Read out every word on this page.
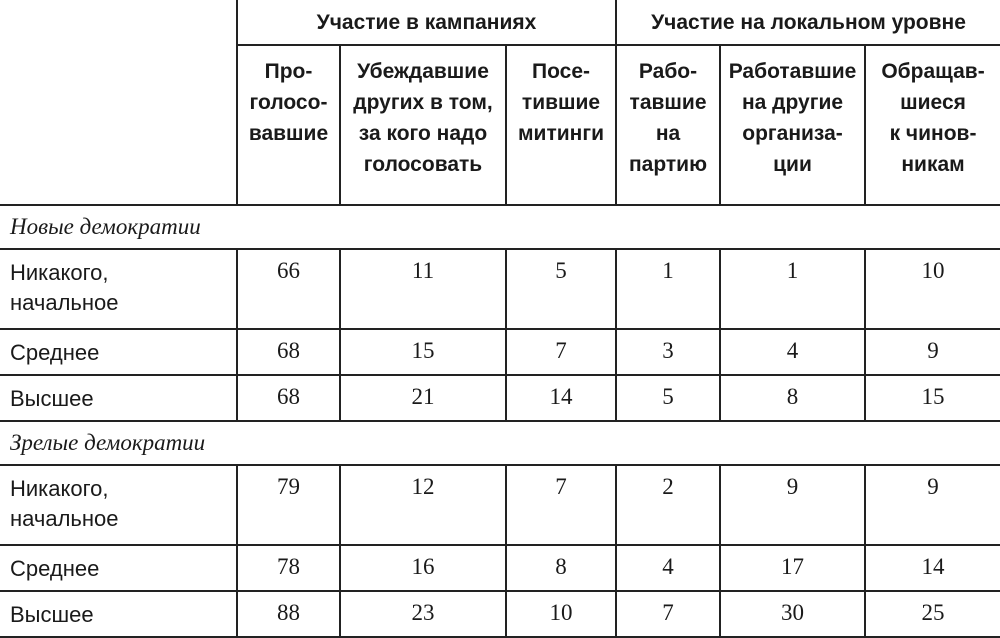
	Участие в кампаниях			Участие на локальном уровне		

	Про-
голосо-
вавшие	Убеждавшие
других в том,
за кого надо
голосовать	Посе-
тившие
митинги	Рабо-
тавшие
на
партию	Работавшие
на другие
организа-
ции	Обращав-
шиеся
к чинов-
никам

Новые демократии						

Никакого,
начальное	66	11	5	1	1	10

Среднее	68	15	7	3	4	9

Высшее	68	21	14	5	8	15
Зрелые демократии						

Никакого,
начальное	79	12	7	2	9	9

Среднее	78	16	8	4	17	14

Высшее	88	23	10	7	30	25
